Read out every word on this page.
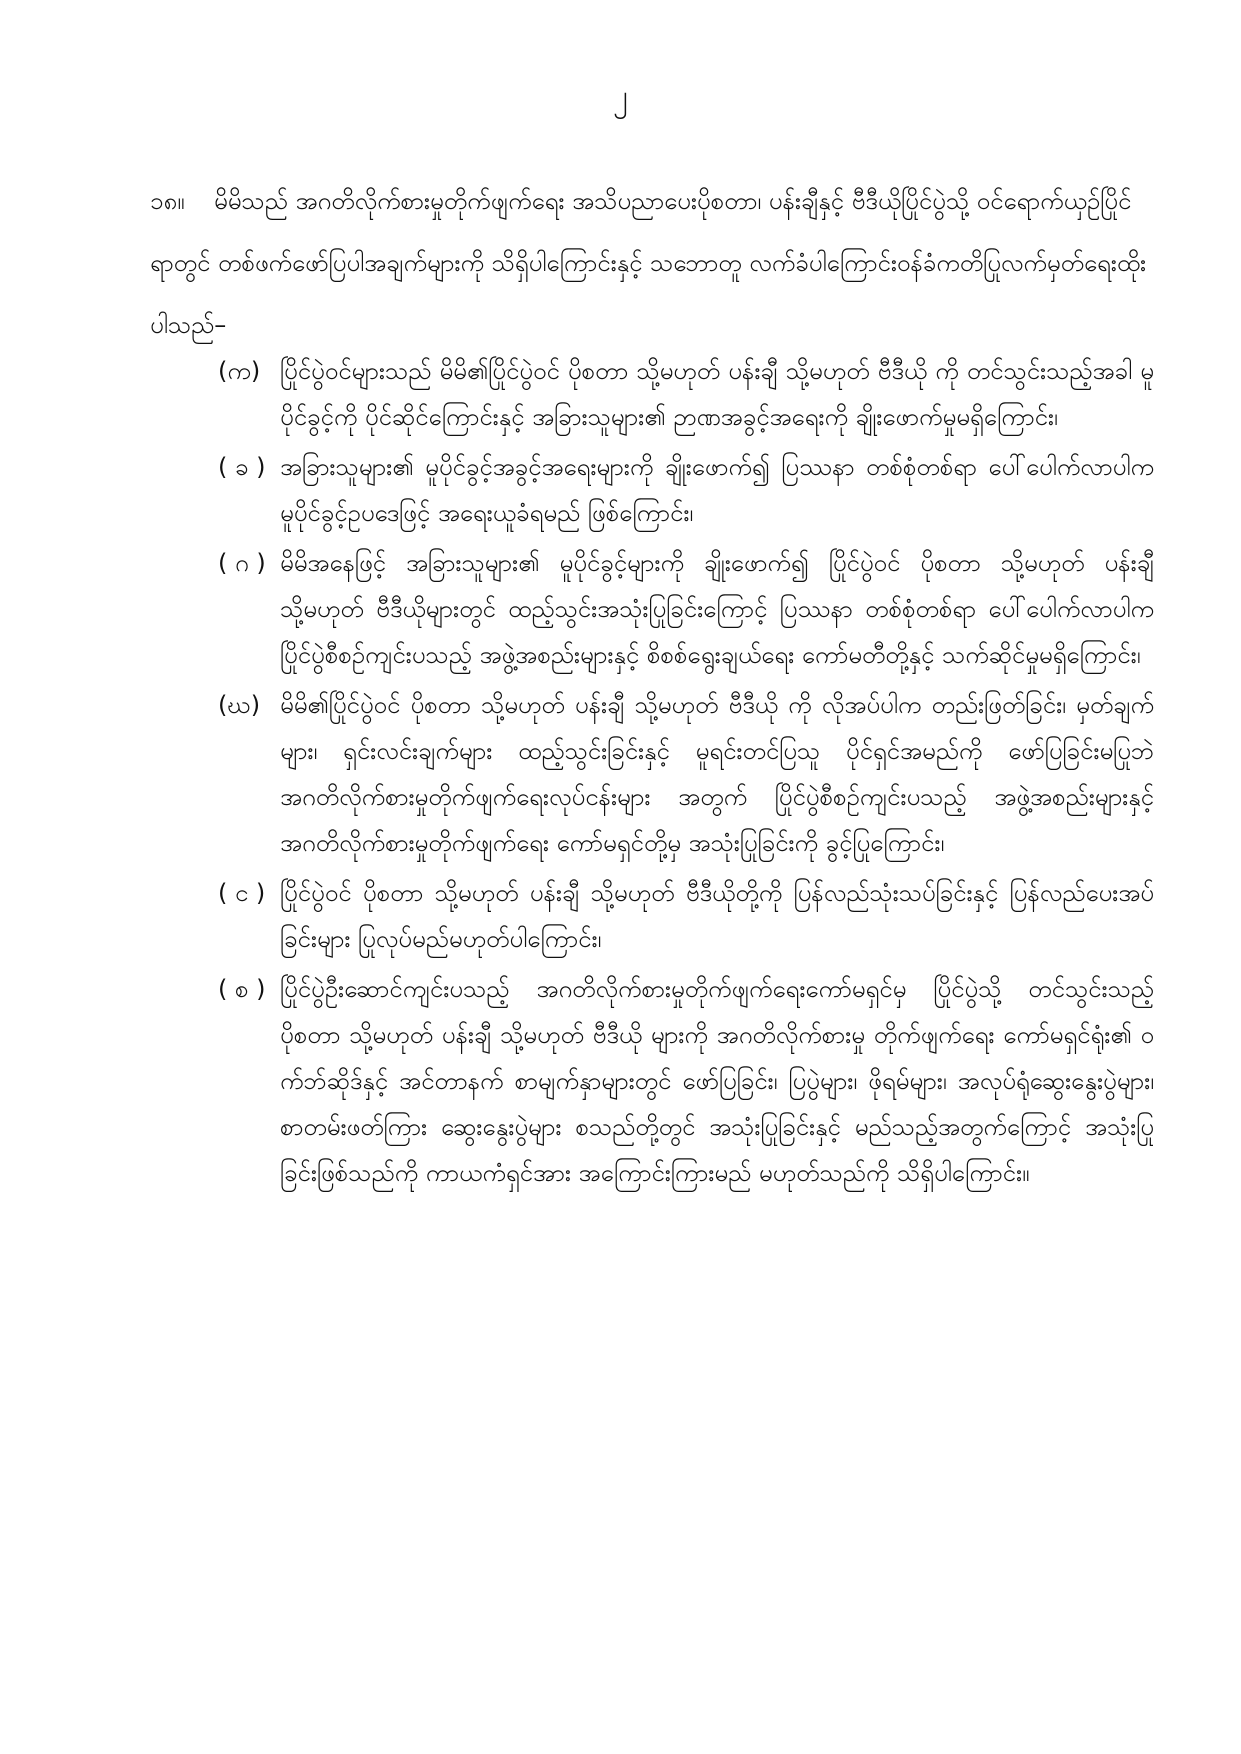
၂
၁၈။ မိမိသည် အဂတိလိုက်စားမှုတိုက်ဖျက်ရေး အသိပညာပေးပိုစတာ၊ ပန်းချီနှင့် ဗီဒီယိုပြိုင်ပွဲသို့ ဝင်ရောက်ယှဉ်ပြိုင်ရာတွင် တစ်ဖက်ဖော်ပြပါအချက်များကို သိရှိပါကြောင်းနှင့် သဘောတူ လက်ခံပါကြောင်းဝန်ခံကတိပြုလက်မှတ်ရေးထိုးပါသည်–
(က) ပြိုင်ပွဲဝင်များသည် မိမိ၏ပြိုင်ပွဲဝင် ပိုစတာ သို့မဟုတ် ပန်းချီ သို့မဟုတ် ဗီဒီယို ကို တင်သွင်းသည့်အခါ မူပိုင်ခွင့်ကို ပိုင်ဆိုင်ကြောင်းနှင့် အခြားသူများ၏ ဉာဏအခွင့်အရေးကို ချိုးဖောက်မှုမရှိကြောင်း၊
( ခ ) အခြားသူများ၏ မူပိုင်ခွင့်အခွင့်အရေးများကို ချိုးဖောက်၍ ပြဿနာ တစ်စုံတစ်ရာ ပေါ်ပေါက်လာပါက မူပိုင်ခွင့်ဥပဒေဖြင့် အရေးယူခံရမည် ဖြစ်ကြောင်း၊
( ဂ ) မိမိအနေဖြင့် အခြားသူများ၏ မူပိုင်ခွင့်များကို ချိုးဖောက်၍ ပြိုင်ပွဲဝင် ပိုစတာ သို့မဟုတ် ပန်းချီ သို့မဟုတ် ဗီဒီယိုများတွင် ထည့်သွင်းအသုံးပြုခြင်းကြောင့် ပြဿနာ တစ်စုံတစ်ရာ ပေါ်ပေါက်လာပါက ပြိုင်ပွဲစီစဉ်ကျင်းပသည့် အဖွဲ့အစည်းများနှင့် စိစစ်ရွေးချယ်ရေး ကော်မတီတို့နှင့် သက်ဆိုင်မှုမရှိကြောင်း၊
(ဃ) မိမိ၏ပြိုင်ပွဲဝင် ပိုစတာ သို့မဟုတ် ပန်းချီ သို့မဟုတ် ဗီဒီယို ကို လိုအပ်ပါက တည်းဖြတ်ခြင်း၊ မှတ်ချက်များ၊ ရှင်းလင်းချက်များ ထည့်သွင်းခြင်းနှင့် မူရင်းတင်ပြသူ ပိုင်ရှင်အမည်ကို ဖော်ပြခြင်းမပြုဘဲ အဂတိလိုက်စားမှုတိုက်ဖျက်ရေးလုပ်ငန်းများ အတွက် ပြိုင်ပွဲစီစဉ်ကျင်းပသည့် အဖွဲ့အစည်းများနှင့် အဂတိလိုက်စားမှုတိုက်ဖျက်ရေး ကော်မရှင်တို့မှ အသုံးပြုခြင်းကို ခွင့်ပြုကြောင်း၊
( င ) ပြိုင်ပွဲဝင် ပိုစတာ သို့မဟုတ် ပန်းချီ သို့မဟုတ် ဗီဒီယိုတို့ကို ပြန်လည်သုံးသပ်ခြင်းနှင့် ပြန်လည်ပေးအပ်ခြင်းများ ပြုလုပ်မည်မဟုတ်ပါကြောင်း၊
( စ ) ပြိုင်ပွဲဦးဆောင်ကျင်းပသည့် အဂတိလိုက်စားမှုတိုက်ဖျက်ရေးကော်မရှင်မှ ပြိုင်ပွဲသို့ တင်သွင်းသည့် ပိုစတာ သို့မဟုတ် ပန်းချီ သို့မဟုတ် ဗီဒီယို များကို အဂတိလိုက်စားမှု တိုက်ဖျက်ရေး ကော်မရှင်ရုံး၏ ဝက်ဘ်ဆိုဒ်နှင့် အင်တာနက် စာမျက်နှာများတွင် ဖော်ပြခြင်း၊ ပြပွဲများ၊ ဖိုရမ်များ၊ အလုပ်ရုံဆွေးနွေးပွဲများ၊ စာတမ်းဖတ်ကြား ဆွေးနွေးပွဲများ စသည်တို့တွင် အသုံးပြုခြင်းနှင့် မည်သည့်အတွက်ကြောင့် အသုံးပြုခြင်းဖြစ်သည်ကို ကာယကံရှင်အား အကြောင်းကြားမည် မဟုတ်သည်ကို သိရှိပါကြောင်း။
